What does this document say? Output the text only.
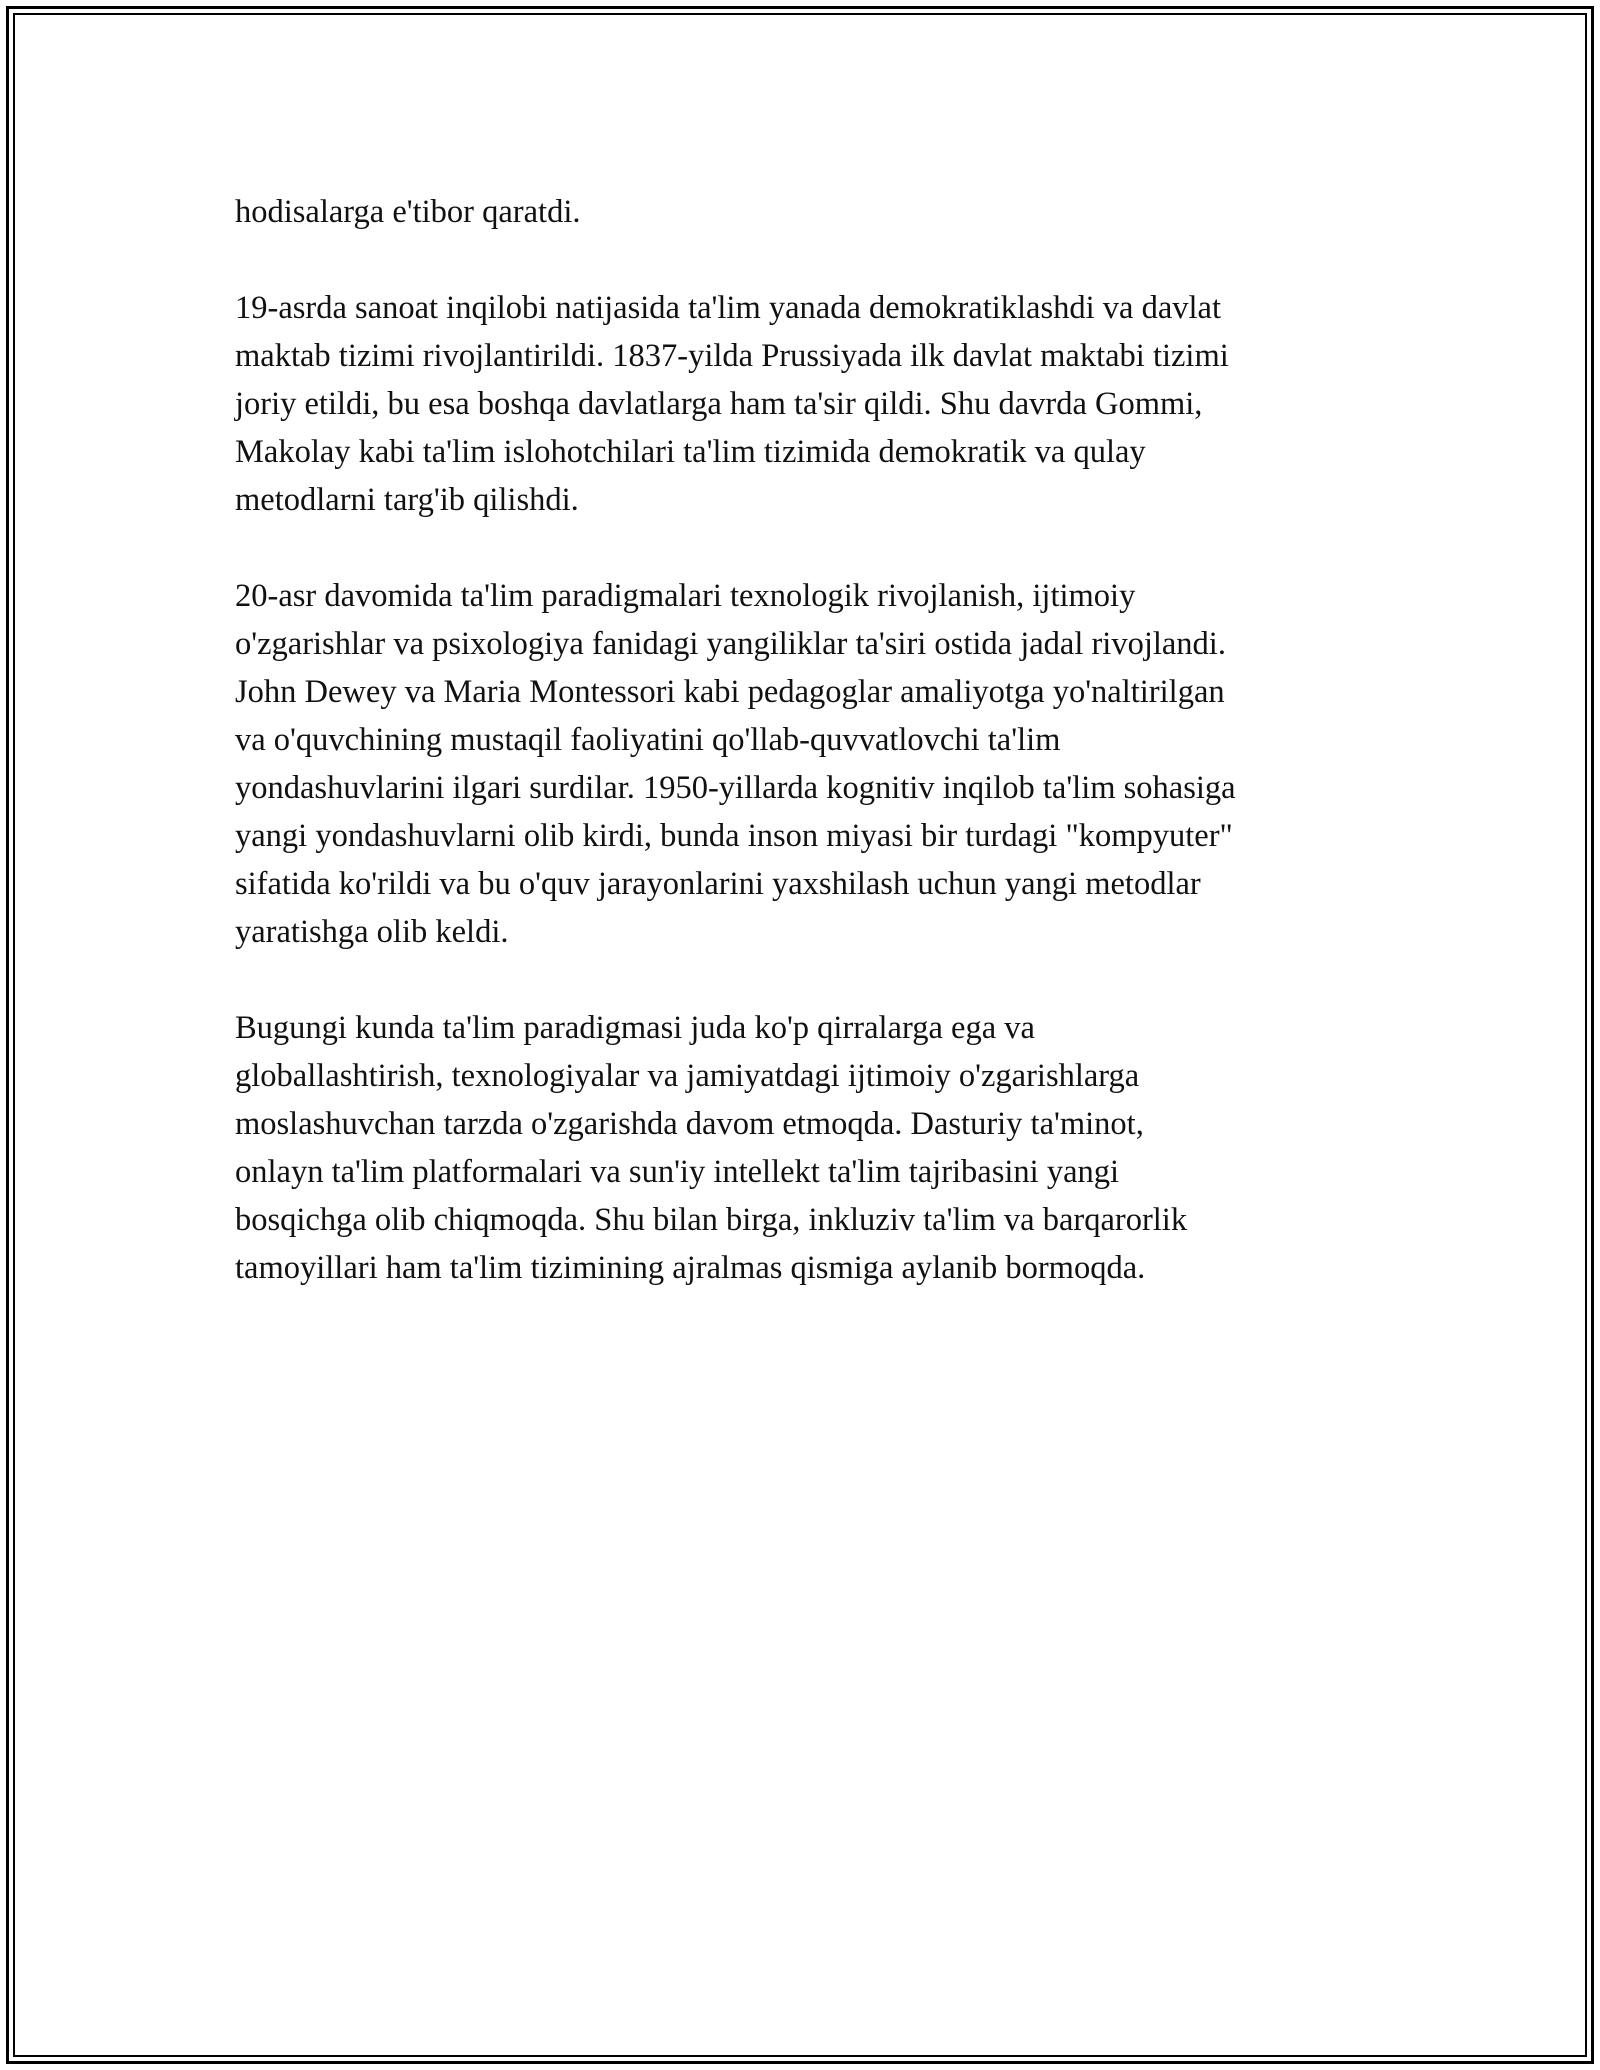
hodisalarga e'tibor qaratdi.

19-asrda sanoat inqilobi natijasida ta'lim yanada demokratiklashdi va davlat
maktab tizimi rivojlantirildi. 1837-yilda Prussiyada ilk davlat maktabi tizimi
joriy etildi, bu esa boshqa davlatlarga ham ta'sir qildi. Shu davrda Gommi,
Makolay kabi ta'lim islohotchilari ta'lim tizimida demokratik va qulay
metodlarni targ'ib qilishdi.

20-asr davomida ta'lim paradigmalari texnologik rivojlanish, ijtimoiy
o'zgarishlar va psixologiya fanidagi yangiliklar ta'siri ostida jadal rivojlandi.
John Dewey va Maria Montessori kabi pedagoglar amaliyotga yo'naltirilgan
va o'quvchining mustaqil faoliyatini qo'llab-quvvatlovchi ta'lim
yondashuvlarini ilgari surdilar. 1950-yillarda kognitiv inqilob ta'lim sohasiga
yangi yondashuvlarni olib kirdi, bunda inson miyasi bir turdagi "kompyuter"
sifatida ko'rildi va bu o'quv jarayonlarini yaxshilash uchun yangi metodlar
yaratishga olib keldi.

Bugungi kunda ta'lim paradigmasi juda ko'p qirralarga ega va
globallashtirish, texnologiyalar va jamiyatdagi ijtimoiy o'zgarishlarga
moslashuvchan tarzda o'zgarishda davom etmoqda. Dasturiy ta'minot,
onlayn ta'lim platformalari va sun'iy intellekt ta'lim tajribasini yangi
bosqichga olib chiqmoqda. Shu bilan birga, inkluziv ta'lim va barqarorlik
tamoyillari ham ta'lim tizimining ajralmas qismiga aylanib bormoqda.
